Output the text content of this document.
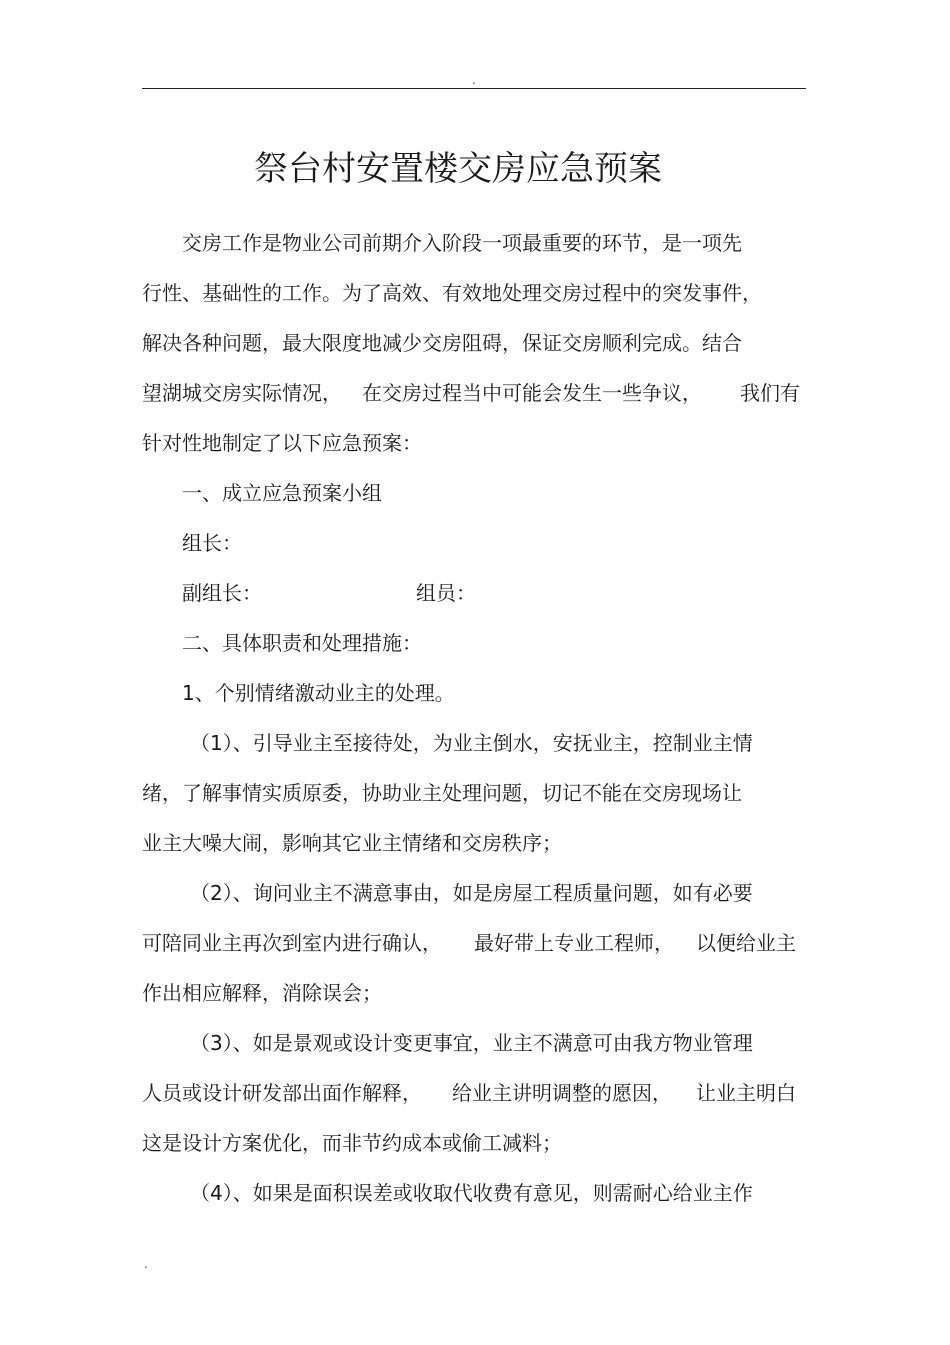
.
祭台村安置楼交房应急预案
交房工作是物业公司前期介入阶段一项最重要的环节，是一项先
行性、基础性的工作。为了高效、有效地处理交房过程中的突发事件，
解决各种问题，最大限度地减少交房阻碍，保证交房顺利完成。结合
望湖城交房实际情况， 在交房过程当中可能会发生一些争议， 我们有
针对性地制定了以下应急预案：
一、成立应急预案小组
组长：
副组长：	组员：
二、具体职责和处理措施：
1、个别情绪激动业主的处理。
（1）、引导业主至接待处，为业主倒水，安抚业主，控制业主情
绪，了解事情实质原委，协助业主处理问题，切记不能在交房现场让
业主大噪大闹，影响其它业主情绪和交房秩序；
（2）、询问业主不满意事由，如是房屋工程质量问题，如有必要
可陪同业主再次到室内进行确认， 最好带上专业工程师， 以便给业主
作出相应解释，消除误会；
（3）、如是景观或设计变更事宜，业主不满意可由我方物业管理
人员或设计研发部出面作解释， 给业主讲明调整的愿因， 让业主明白
这是设计方案优化，而非节约成本或偷工减料；
（4）、如果是面积误差或收取代收费有意见，则需耐心给业主作
.
